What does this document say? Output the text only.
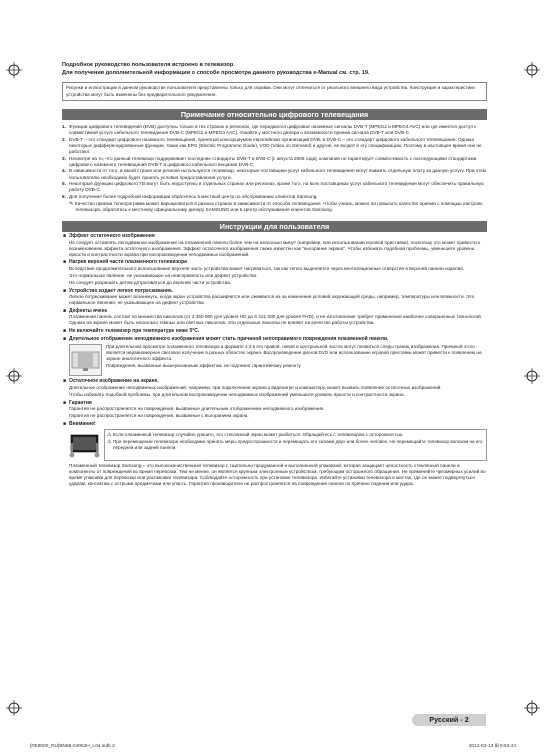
Подробное руководство пользователя встроено в телевизор.
Для получения дополнительной информации о способе просмотра данного руководства e-Manual см. стр. 19.
Рисунки и иллюстрации в данном руководстве пользователя представлены только для справки. Они могут отличаться от реального внешнего вида устройства. Конструкция и характеристики устройства могут быть изменены без предварительного уведомления.
Примечание относительно цифрового телевещания
1. Функции цифрового телевидения (DVB) доступны только в тех странах и регионах, где передаются цифровые наземные сигналы DVB-T (MPEG2 и MPEG4 AVC) или где имеется доступ к совместимой услуге кабельного телевидения DVB-C (MPEG2 и MPEG4 AAC). Узнайте у местного дилера о возможности приема сигнала DVB-T или DVB-C.
2. DVB-T – это стандарт цифрового наземного телевещания, принятый консорциумом европейских организаций DVB, а DVB-C – это стандарт цифрового кабельного телевещания. Однако некоторые дифференцированные функции, такие как EPG (Electric Programme Guide), VOD (Video on Demand) и другие, не входят в эту спецификацию. Поэтому в настоящее время они не работают.
3. Несмотря на то, что данный телевизор поддерживает последние стандарты DVB-T и DVB-C [с августа 2008 года], компания не гарантирует совместимость с последующими стандартами цифрового наземного телевещания DVB-T и цифрового кабельного вещания DVB-C.
4. В зависимости от того, в какой стране или регионе используется телевизор, некоторые поставщики услуг кабельного телевидения могут взимать отдельную плату за данную услугу. При этом пользователю необходимо будет принять условия предоставления услуги.
5. Некоторые функции цифрового ТВ могут быть недоступны в отдельных странах или регионах, кроме того, на всех поставщиках услуг кабельного телевидения могут обеспечить правильную работу DVB-C.
6. Для получения более подробной информации обратитесь в местный центр по обслуживанию клиентов Samsung.
✎ Качество приема телепрограмм может варьироваться в разных странах в зависимости от способа телевещания. Чтобы узнать, можно ли повысить качество приема с помощью настроек телевизора, обратитесь к местному официальному дилеру SAMSUNG или в Центр обслуживания клиентов Samsung.
Инструкции для пользователя
■ Эффект остаточного изображения

Не следует оставлять неподвижное изображение на плазменной панели более чем на несколько минут (например, при использовании игровой приставки), поскольку это может привести к возникновению эффекта остаточного изображения. Эффект остаточного изображения также известен как "выгорание экрана". Чтобы избежать подобной проблемы, уменьшите уровень яркости и контрастности экрана при воспроизведении неподвижных изображений.

■ Нагрев верхней части плазменного телевизора

Вследствие продолжительного использования верхняя часть устройства может нагреваться, так как тепло выделяется через вентиляционные отверстия в верхней панели изделия.

Это нормальное явление, не указывающее на неисправность или дефект устройства.

Не следует разрешать детям дотрагиваться до верхней части устройства.

■ Устройство издает легкое потрескивание.

Легкое потрескивание может возникнуть, когда экран устройства расширяется или сжимается из-за изменения условий окружающей среды, например, температуры или влажности. Это нормальное явление, не указывающее на дефект устройства.

■ Дефекты ячеек

Плазменная панель состоит из множества пикселов (от 2 360 000 для уровня HD до 6 221 000 для уровня FHD), и ее изготовление требует применения наиболее совершенных технологий. Однако на экране может быть несколько темных или светлых пикселов. Эти отдельные пикселы не влияют на качество работы устройства.

■ Не включайте телевизор при температуре ниже 5°C.
■ Длительное отображение неподвижного изображения может стать причиной непоправимого повреждения плазменной панели.

При длительном просмотре плазменного телевизора в формате 4:3 в его правой, левой и центральной частях могут появиться следы границ изображения. Причиной этого является неравномерное световое излучение в разных областях экрана. Воспроизведение дисков DVD или использование игровой приставки может привести к появлению на экране аналогичного эффекта.

Повреждения, вызванные вышеуказанным эффектом, не подлежат гарантийному ремонту.

■ Остаточное изображение на экране.

Длительное отображение неподвижных изображений, например, при подключении экрана к видеоигре и компьютеру, может вызвать появление остаточных изображений.

Чтобы избежать подобной проблемы, при длительном воспроизведении неподвижных изображений уменьшите уровень яркости и контрастности экрана.

■ Гарантия

Гарантия не распространяется на повреждения, вызванные длительным отображением неподвижного изображения.

Гарантия не распространяется на повреждения, вызванные с выгоранием экрана.

■ Внимание!

⚠ Если плазменный телевизор случайно уронить, его стеклянный экран может разбиться. Обращайтесь с телевизором с осторожностью.

⚠ При перемещении телевизора необходимо принять меры предосторожности и перемещать его силами двух или более человек. Не перемещайте телевизор волоком на его передней или задней панели.

Плазменный телевизор Samsung – это высококачественный телевизор с тщательно продуманной и выполненной упаковкой, которая защищает целостность стеклянной панели и компоненты от повреждений во время перевозки. Тем не менее, он является крупным электронным устройством, требующим осторожного обращения. Не применяйте чрезмерных усилий во время упаковки для перевозки или распаковки телевизора. Соблюдайте осторожность при установке телевизора. Избегайте установки телевизора в местах, где он может подвергнуться ударам, контактам с острыми предметами или упасть. Гарантия производителя не распространяется на повреждения панели по причине падения или удара.
Русский - 2
[PE8000_RU]BN68-04062H_L04.indb 2	2012-03-13 ⊞ 6:53:44
